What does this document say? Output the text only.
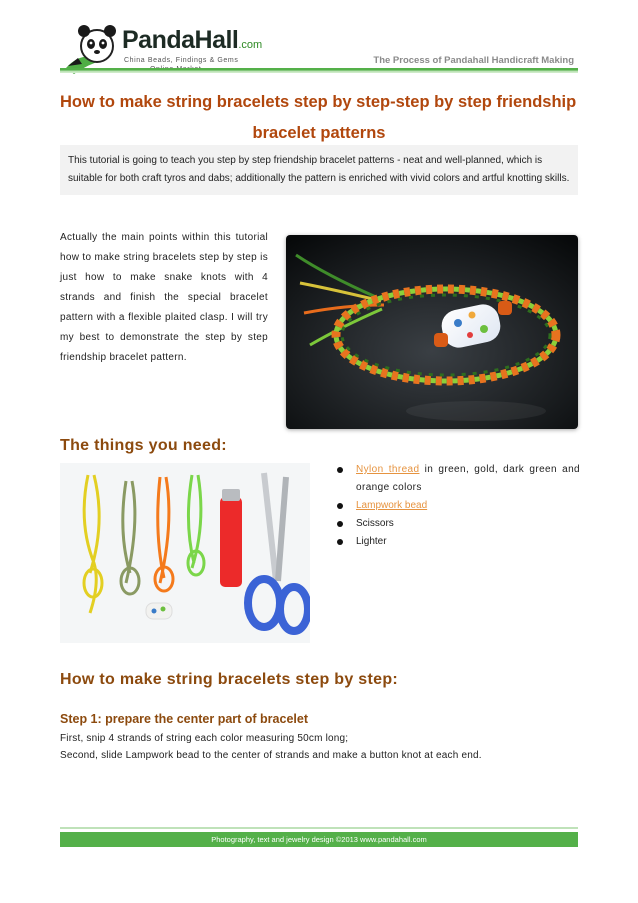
PandaHall.com
China Beads, Findings & Gems	The Process of Pandahall Handicraft Making
How to make string bracelets step by step-step by step friendship
bracelet patterns
This tutorial is going to teach you step by step friendship bracelet patterns - neat and well-planned, which is suitable for both craft tyros and dabs; additionally the pattern is enriched with vivid colors and artful knotting skills.
Actually the main points within this tutorial how to make string bracelets step by step is just how to make snake knots with 4 strands and finish the special bracelet pattern with a flexible plaited clasp. I will try my best to demonstrate the step by step friendship bracelet pattern.
The things you need:
Nylon thread in green, gold, dark green and orange colors
Lampwork bead
Scissors
Lighter
How to make string bracelets step by step:
Step 1: prepare the center part of bracelet
First, snip 4 strands of string each color measuring 50cm long;
Second, slide Lampwork bead to the center of strands and make a button knot at each end.
Photography, text and jewelry design ©2013 www.pandahall.com
